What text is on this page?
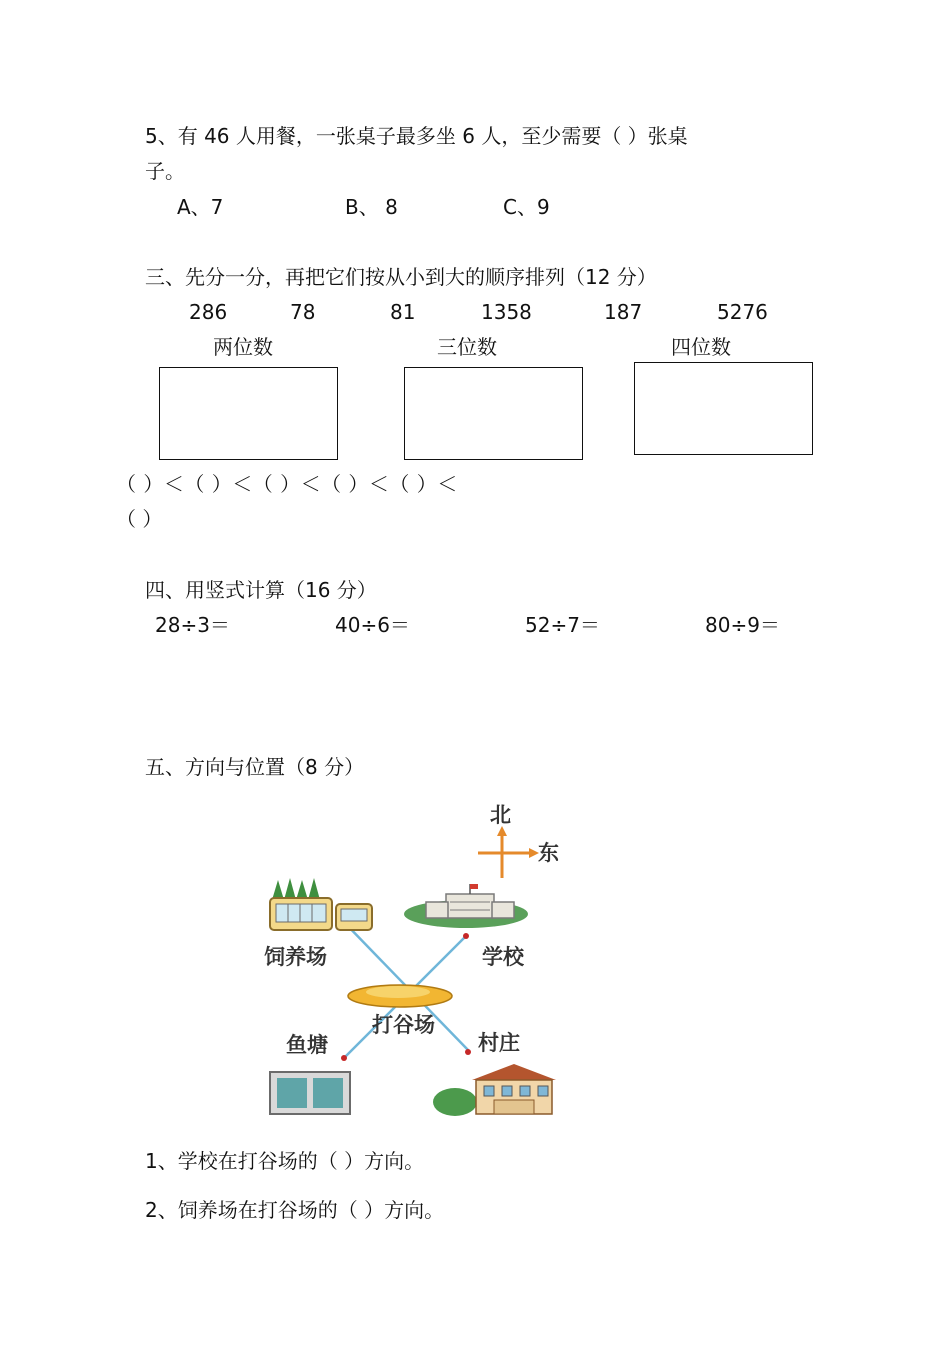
5、有 46 人用餐，一张桌子最多坐 6 人，至少需要（ ）张桌
子。
A、7	B、 8	C、9
三、先分一分，再把它们按从小到大的顺序排列（12 分）
286	78	81	1358	187	5276
两位数	三位数	四位数
（ ）＜（ ）＜（ ）＜（ ）＜（ ）＜
（ ）
四、用竖式计算（16 分）
28÷3＝	40÷6＝	52÷7＝	80÷9＝
五、方向与位置（8 分）
北
东
饲养场	学校
打谷场
鱼塘	村庄
1、学校在打谷场的（ ）方向。
2、饲养场在打谷场的（ ）方向。
